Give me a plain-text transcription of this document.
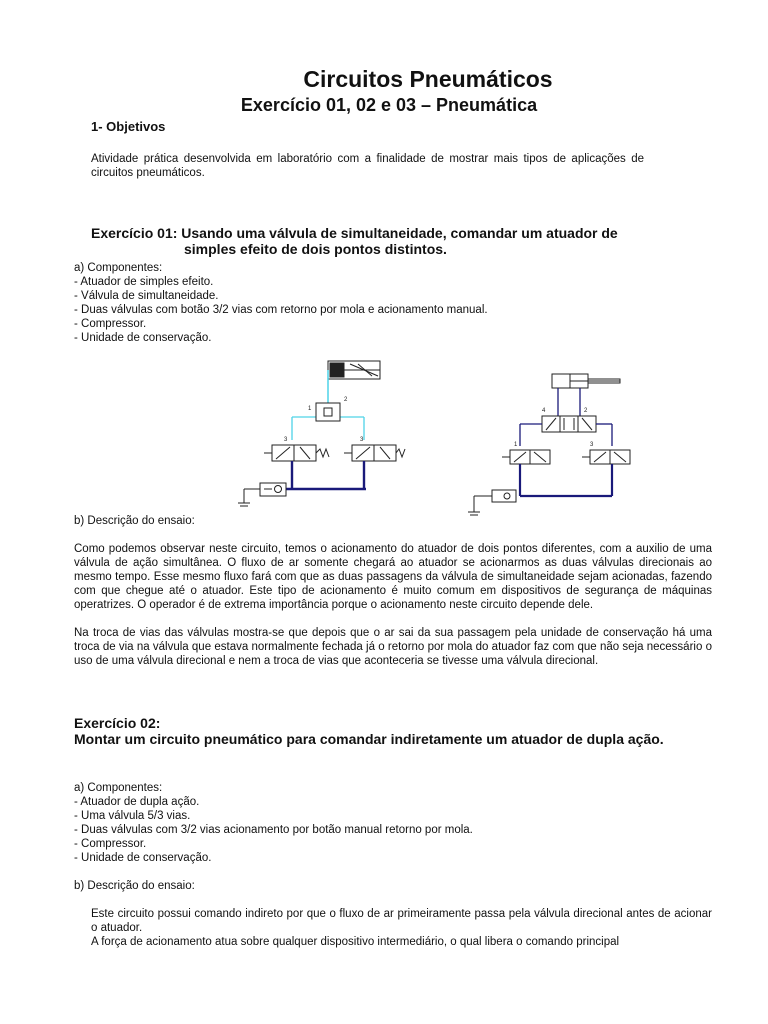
Circuitos Pneumáticos
Exercício 01, 02 e 03 – Pneumática
1- Objetivos
Atividade prática desenvolvida em laboratório com a finalidade de mostrar mais tipos de aplicações de circuitos pneumáticos.
Exercício 01: Usando uma válvula de simultaneidade, comandar um atuador de
simples efeito de dois pontos distintos.
a) Componentes:
- Atuador de simples efeito.
- Válvula de simultaneidade.
- Duas válvulas com botão 3/2 vias com retorno por mola e acionamento manual.
- Compressor.
- Unidade de conservação.
1
2
3	3
4	2
1	3
b) Descrição do ensaio:
Como podemos observar neste circuito, temos o acionamento do atuador de dois pontos diferentes, com a auxilio de uma válvula de ação simultânea. O fluxo de ar somente chegará ao atuador se acionarmos as duas válvulas direcionais ao mesmo tempo. Esse mesmo fluxo fará com que as duas passagens da válvula de simultaneidade sejam acionadas, fazendo com que chegue até o atuador. Este tipo de acionamento é muito comum em dispositivos de segurança de máquinas operatrizes. O operador é de extrema importância porque o acionamento neste circuito depende dele.
Na troca de vias das válvulas mostra-se que depois que o ar sai da sua passagem pela unidade de conservação há uma troca de via na válvula que estava normalmente fechada já o retorno por mola do atuador faz com que não seja necessário o uso de uma válvula direcional e nem a troca de vias que aconteceria se tivesse uma válvula direcional.
Exercício 02:
Montar um circuito pneumático para comandar indiretamente um atuador de dupla ação.
a) Componentes:
- Atuador de dupla ação.
- Uma válvula 5/3 vias.
- Duas válvulas com 3/2 vias acionamento por botão manual retorno por mola.
- Compressor.
- Unidade de conservação.
b) Descrição do ensaio:
Este circuito possui comando indireto por que o fluxo de ar primeiramente passa pela válvula direcional antes de acionar o atuador.
A força de acionamento atua sobre qualquer dispositivo intermediário, o qual libera o comando principal
